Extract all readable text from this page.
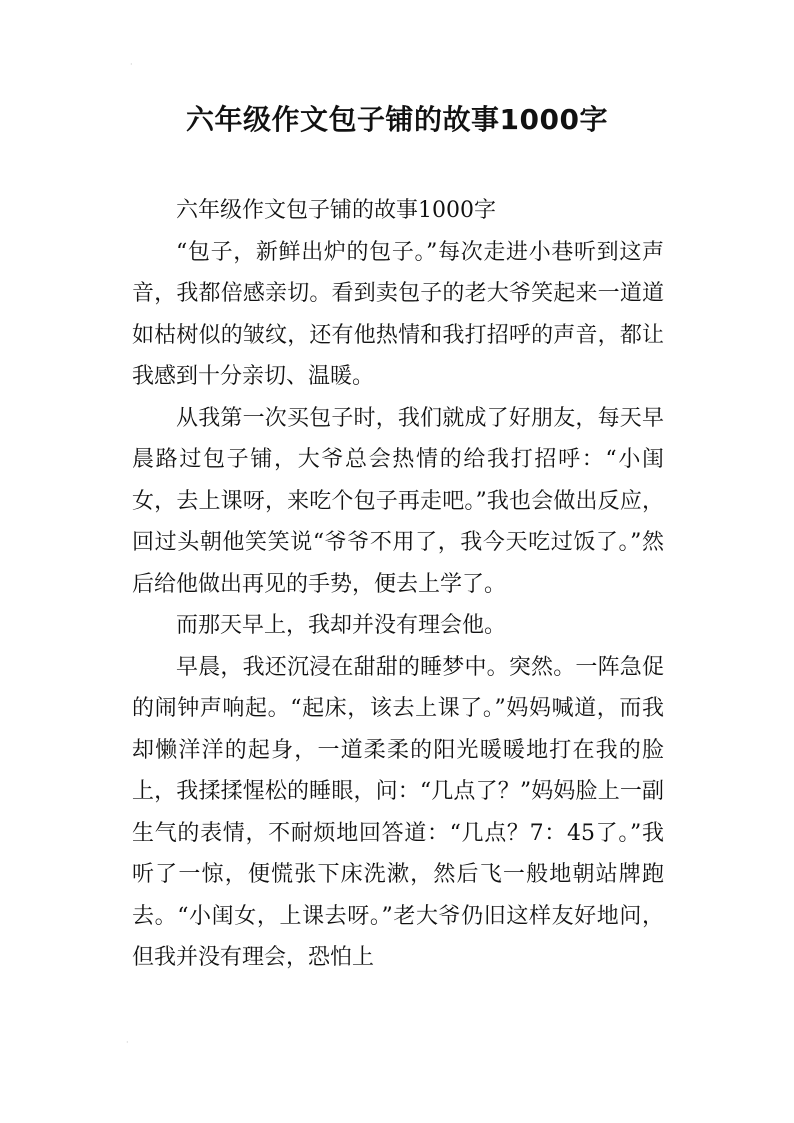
·
·
六年级作文包子铺的故事1000字

六年级作文包子铺的故事1000字

“包子，新鲜出炉的包子。”每次走进小巷听到这声音，我都倍感亲切。看到卖包子的老大爷笑起来一道道如枯树似的皱纹，还有他热情和我打招呼的声音，都让我感到十分亲切、温暖。

从我第一次买包子时，我们就成了好朋友，每天早晨路过包子铺，大爷总会热情的给我打招呼：“小闺女，去上课呀，来吃个包子再走吧。”我也会做出反应，回过头朝他笑笑说“爷爷不用了，我今天吃过饭了。”然后给他做出再见的手势，便去上学了。

而那天早上，我却并没有理会他。

早晨，我还沉浸在甜甜的睡梦中。突然。一阵急促的闹钟声响起。“起床，该去上课了。”妈妈喊道，而我却懒洋洋的起身，一道柔柔的阳光暖暖地打在我的脸上，我揉揉惺松的睡眼，问：“几点了？”妈妈脸上一副生气的表情，不耐烦地回答道：“几点？7：45了。”我听了一惊，便慌张下床洗漱，然后飞一般地朝站牌跑去。“小闺女，上课去呀。”老大爷仍旧这样友好地问，但我并没有理会，恐怕上
